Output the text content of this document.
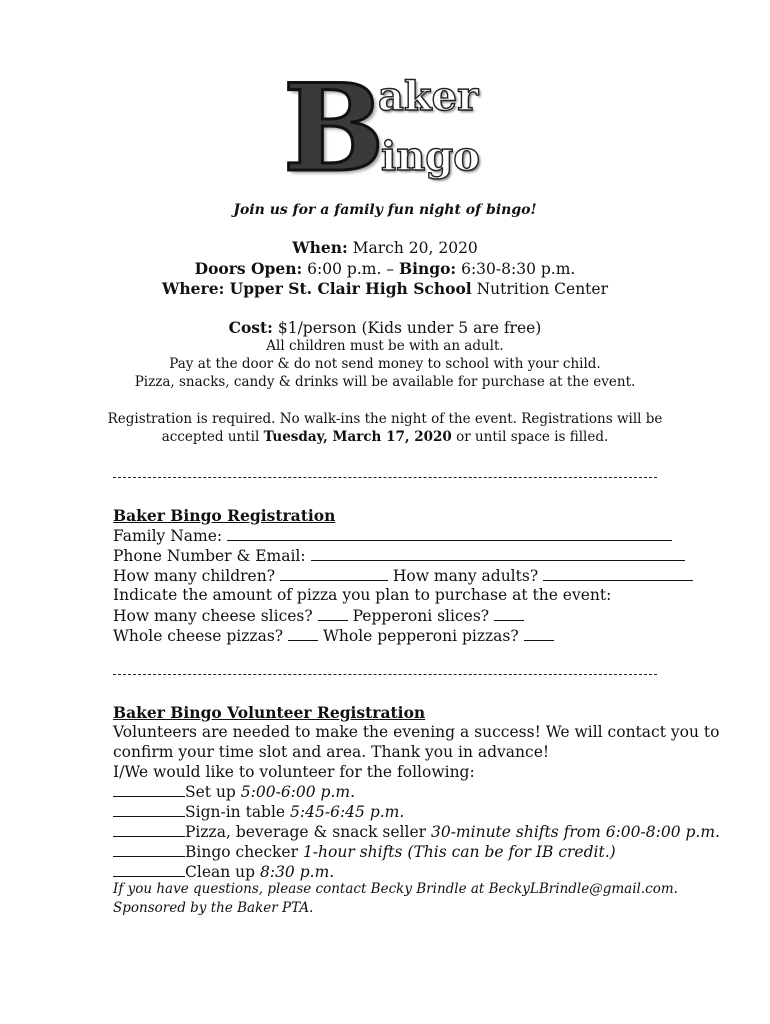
B
aker
ingo
Join us for a family fun night of bingo!
When: March 20, 2020
Doors Open: 6:00 p.m. – Bingo: 6:30-8:30 p.m.
Where: Upper St. Clair High School Nutrition Center
Cost: $1/person (Kids under 5 are free)
All children must be with an adult.
Pay at the door & do not send money to school with your child.
Pizza, snacks, candy & drinks will be available for purchase at the event.
Registration is required. No walk-ins the night of the event. Registrations will be
accepted until Tuesday, March 17, 2020 or until space is filled.
Baker Bingo Registration
Family Name:
Phone Number & Email:
How many children?	How many adults?
Indicate the amount of pizza you plan to purchase at the event:
How many cheese slices?  Pepperoni slices?
Whole cheese pizzas?  Whole pepperoni pizzas?
Baker Bingo Volunteer Registration
Volunteers are needed to make the evening a success! We will contact you to
confirm your time slot and area. Thank you in advance!
I/We would like to volunteer for the following:
Set up 5:00-6:00 p.m.
Sign-in table 5:45-6:45 p.m.
Pizza, beverage & snack seller 30-minute shifts from 6:00-8:00 p.m.
Bingo checker 1-hour shifts (This can be for IB credit.)
Clean up 8:30 p.m.
If you have questions, please contact Becky Brindle at BeckyLBrindle@gmail.com.
Sponsored by the Baker PTA.
